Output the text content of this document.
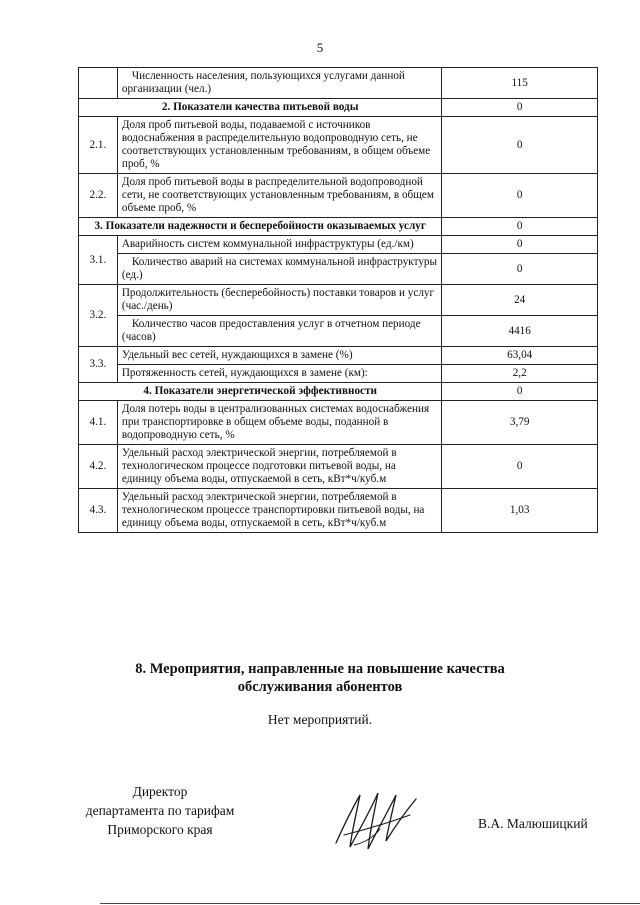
5
	Численность населения, пользующихся услугами данной организации (чел.)	115
2. Показатели качества питьевой воды		0
2.1.	Доля проб питьевой воды, подаваемой с источников водоснабжения в распределительную водопроводную сеть, не соответствующих установленным требованиям, в общем объеме проб, %	0
2.2.	Доля проб питьевой воды в распределительной водопроводной сети, не соответствующих установленным требованиям, в общем объеме проб, %	0
3. Показатели надежности и бесперебойности оказываемых услуг		0
3.1.	Аварийность систем коммунальной инфраструктуры (ед./км)	0
	Количество аварий на системах коммунальной инфраструктуры (ед.)	0
3.2.	Продолжительность (бесперебойность) поставки товаров и услуг (час./день)	24
	Количество часов предоставления услуг в отчетном периоде (часов)	4416
3.3.	Удельный вес сетей, нуждающихся в замене (%)	63,04
	Протяженность сетей, нуждающихся в замене (км):	2,2
4. Показатели энергетической эффективности		0
4.1.	Доля потерь воды в централизованных системах водоснабжения при транспортировке в общем объеме воды, поданной в водопроводную сеть, %	3,79
4.2.	Удельный расход электрической энергии, потребляемой в технологическом процессе подготовки питьевой воды, на единицу объема воды, отпускаемой в сеть, кВт*ч/куб.м	0
4.3.	Удельный расход электрической энергии, потребляемой в технологическом процессе транспортировки питьевой воды, на единицу объема воды, отпускаемой в сеть, кВт*ч/куб.м	1,03
8. Мероприятия, направленные на повышение качества
обслуживания абонентов
Нет мероприятий.
Директор
департамента по тарифам
Приморского края	В.А. Малюшицкий
